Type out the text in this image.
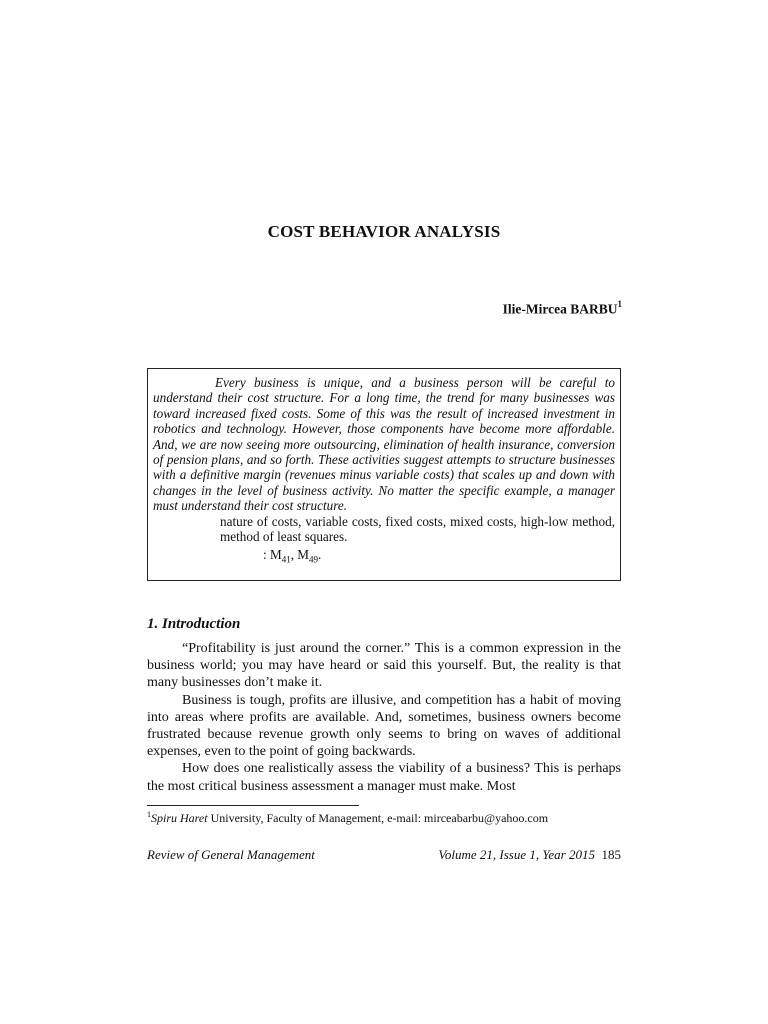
COST BEHAVIOR ANALYSIS
Ilie-Mircea BARBU$^1$

Every business is unique, and a business person will be careful to understand their cost structure. For a long time, the trend for many businesses was toward increased fixed costs. Some of this was the result of increased investment in robotics and technology. However, those components have become more affordable. And, we are now seeing more outsourcing, elimination of health insurance, conversion of pension plans, and so forth. These activities suggest attempts to structure businesses with a definitive margin (revenues minus variable costs) that scales up and down with changes in the level of business activity. No matter the specific example, a manager must understand their cost structure.

nature of costs, variable costs, fixed costs, mixed costs, high-low method, method of least squares.

: $M_{41}$, $M_{49}$.

1. Introduction

“Profitability is just around the corner.” This is a common expression in the business world; you may have heard or said this yourself. But, the reality is that many businesses don’t make it.

Business is tough, profits are illusive, and competition has a habit of moving into areas where profits are available. And, sometimes, business owners become frustrated because revenue growth only seems to bring on waves of additional expenses, even to the point of going backwards.

How does one realistically assess the viability of a business? This is perhaps the most critical business assessment a manager must make. Most

$^1$Spiru Haret University, Faculty of Management, e-mail: mirceabarbu@yahoo.com
Review of General Management	Volume 21, Issue 1, Year 2015 185
